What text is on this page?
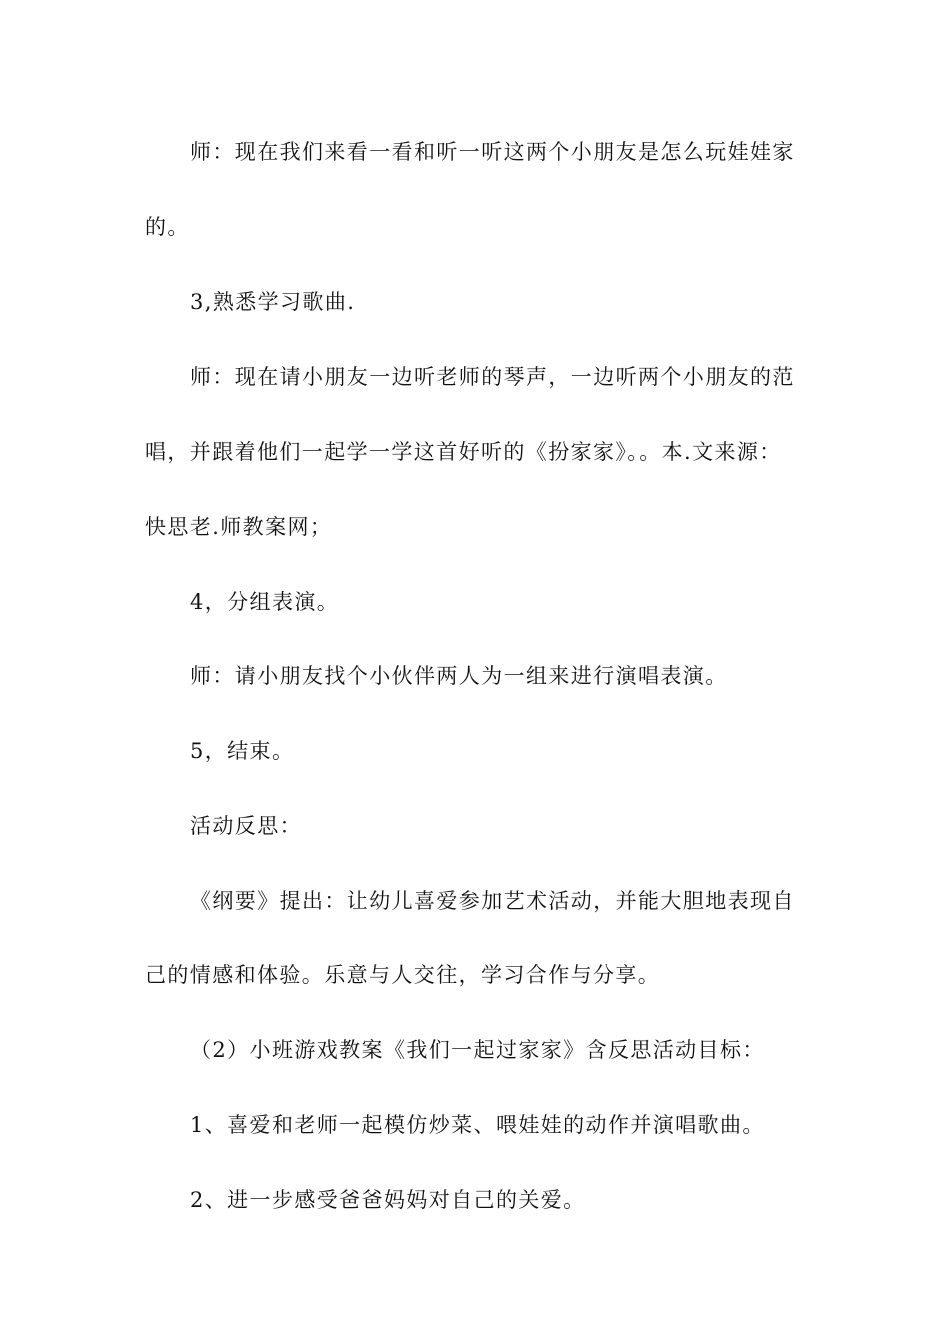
师：现在我们来看一看和听一听这两个小朋友是怎么玩娃娃家
的。
3,熟悉学习歌曲.
师：现在请小朋友一边听老师的琴声，一边听两个小朋友的范
唱，并跟着他们一起学一学这首好听的《扮家家》。。本.文来源：
快思老.师教案网；
4，分组表演。
师：请小朋友找个小伙伴两人为一组来进行演唱表演。
5，结束。
活动反思：
《纲要》提出：让幼儿喜爱参加艺术活动，并能大胆地表现自
己的情感和体验。乐意与人交往，学习合作与分享。
（2）小班游戏教案《我们一起过家家》含反思活动目标：
1、喜爱和老师一起模仿炒菜、喂娃娃的动作并演唱歌曲。
2、进一步感受爸爸妈妈对自己的关爱。
